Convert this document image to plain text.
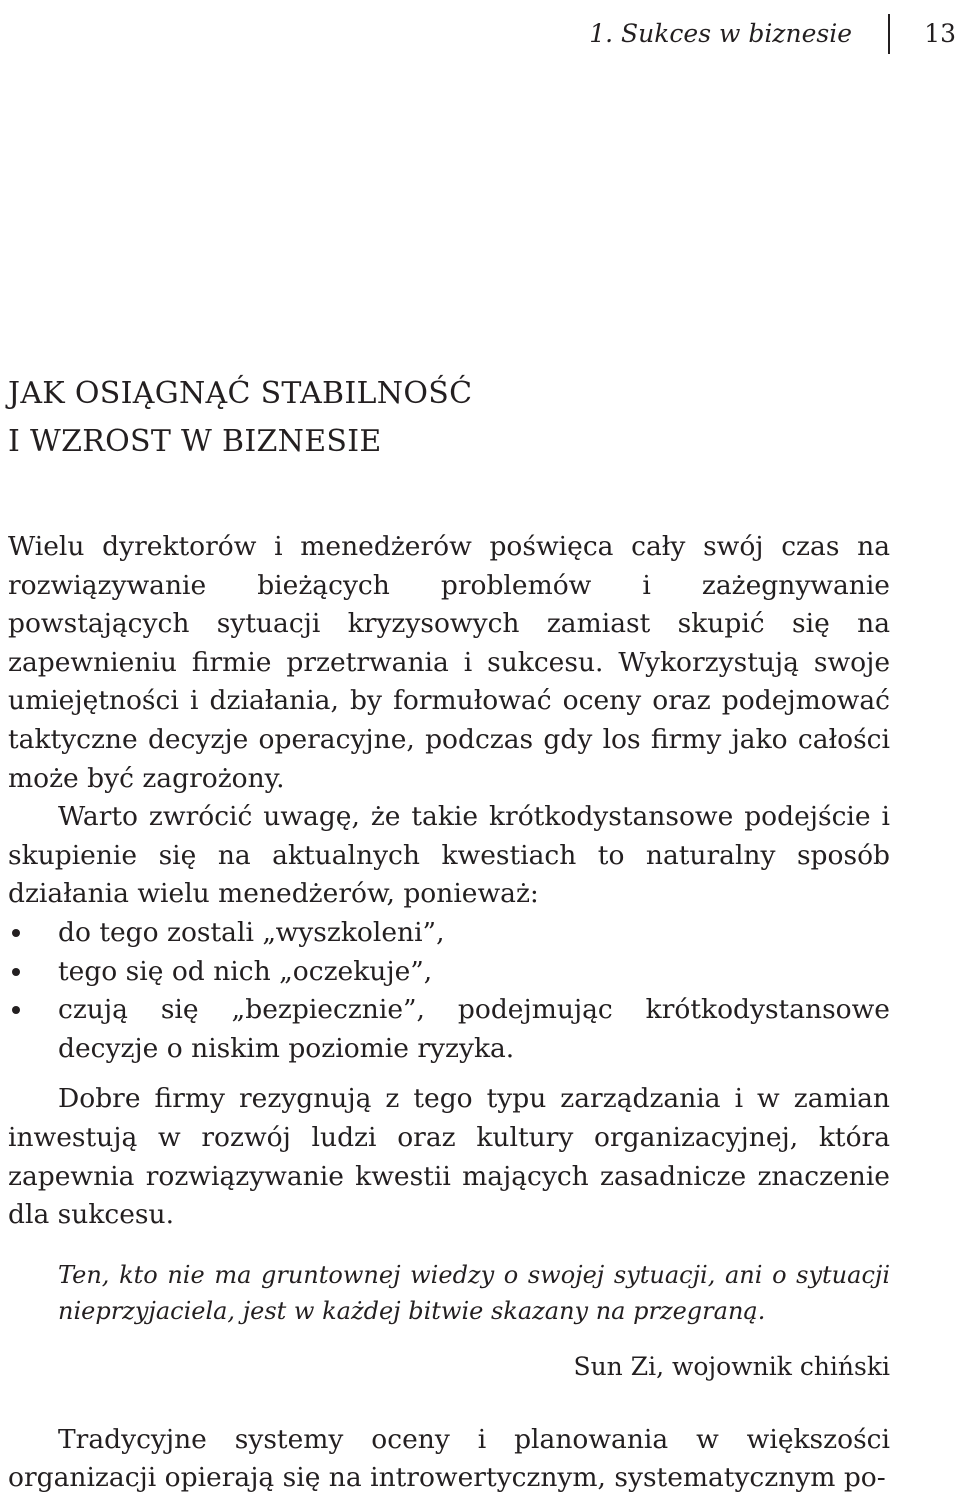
1. Sukces w biznesie	13
JAK OSIĄGNĄĆ STABILNOŚĆ
I WZROST W BIZNESIE

Wielu dyrektorów i menedżerów poświęca cały swój czas na rozwiązywanie bieżących problemów i zażegnywanie powstających sytuacji kryzysowych zamiast skupić się na zapewnieniu firmie przetrwania i sukcesu. Wykorzystują swoje umiejętności i działania, by formułować oceny oraz podejmować taktyczne decyzje operacyjne, podczas gdy los firmy jako całości może być zagrożony.

Warto zwrócić uwagę, że takie krótkodystansowe podejście i skupienie się na aktualnych kwestiach to naturalny sposób działania wielu menedżerów, ponieważ:

do tego zostali „wyszkoleni”,
tego się od nich „oczekuje”,
czują się „bezpiecznie”, podejmując krótkodystansowe decyzje o niskim poziomie ryzyka.

Dobre firmy rezygnują z tego typu zarządzania i w zamian inwestują w rozwój ludzi oraz kultury organizacyjnej, która zapewnia rozwiązywanie kwestii mających zasadnicze znaczenie dla sukcesu.

Ten, kto nie ma gruntownej wiedzy o swojej sytuacji, ani o sytuacji nieprzyjaciela, jest w każdej bitwie skazany na przegraną.

Sun Zi, wojownik chiński

Tradycyjne systemy oceny i planowania w większości organizacji opierają się na introwertycznym, systematycznym po-
